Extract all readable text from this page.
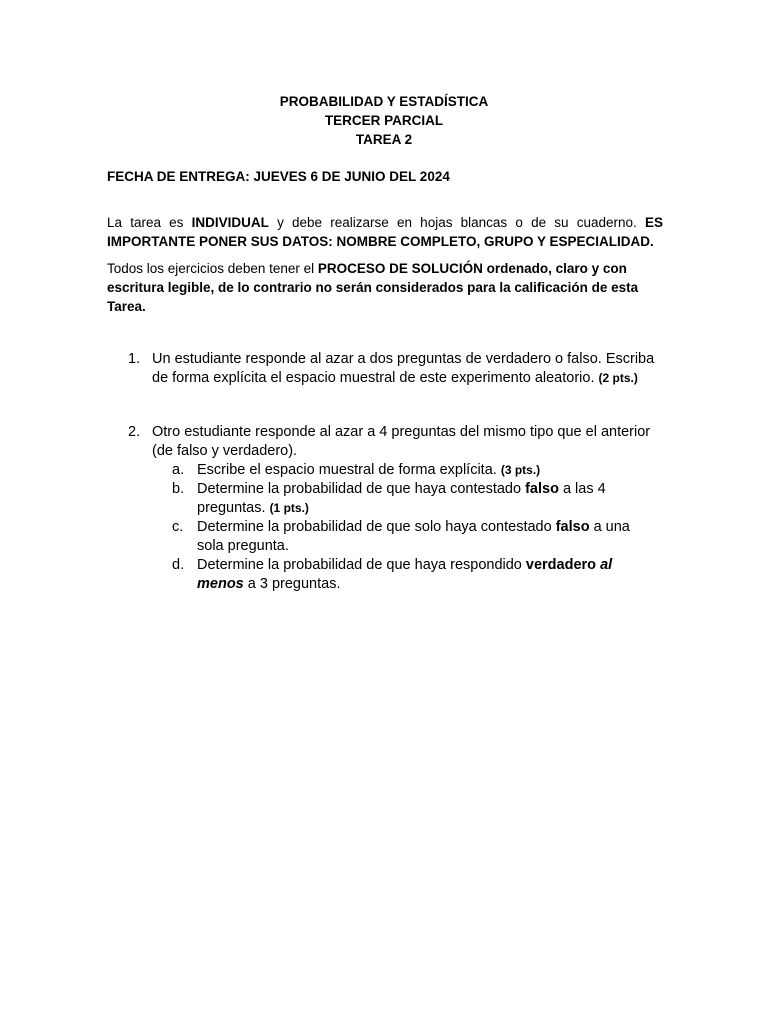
PROBABILIDAD Y ESTADÍSTICA
TERCER PARCIAL
TAREA 2
FECHA DE ENTREGA: JUEVES 6 DE JUNIO DEL 2024
La tarea es INDIVIDUAL y debe realizarse en hojas blancas o de su cuaderno. ES IMPORTANTE PONER SUS DATOS: NOMBRE COMPLETO, GRUPO Y ESPECIALIDAD.
Todos los ejercicios deben tener el PROCESO DE SOLUCIÓN ordenado, claro y con escritura legible, de lo contrario no serán considerados para la calificación de esta Tarea.
1. Un estudiante responde al azar a dos preguntas de verdadero o falso. Escriba de forma explícita el espacio muestral de este experimento aleatorio. (2 pts.)
2. Otro estudiante responde al azar a 4 preguntas del mismo tipo que el anterior (de falso y verdadero).
a. Escribe el espacio muestral de forma explícita. (3 pts.)
b. Determine la probabilidad de que haya contestado falso a las 4 preguntas. (1 pts.)
c. Determine la probabilidad de que solo haya contestado falso a una sola pregunta.
d. Determine la probabilidad de que haya respondido verdadero al menos a 3 preguntas.
